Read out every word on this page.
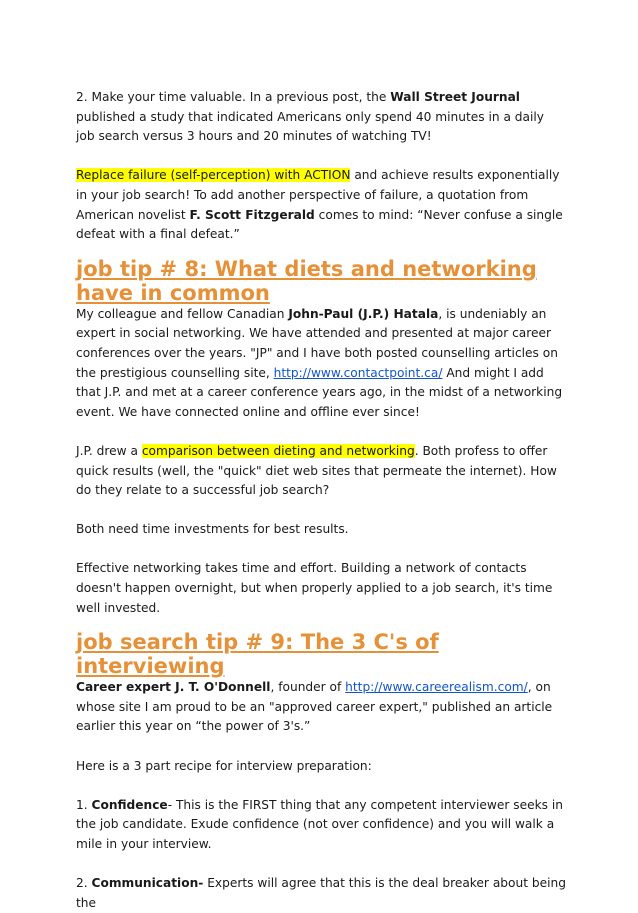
2. Make your time valuable. In a previous post, the Wall Street Journal published a study that indicated Americans only spend 40 minutes in a daily job search versus 3 hours and 20 minutes of watching TV!

Replace failure (self-perception) with ACTION and achieve results exponentially in your job search! To add another perspective of failure, a quotation from American novelist F. Scott Fitzgerald comes to mind: “Never confuse a single defeat with a final defeat.”

job tip # 8: What diets and networking have in common

My colleague and fellow Canadian John-Paul (J.P.) Hatala, is undeniably an expert in social networking. We have attended and presented at major career conferences over the years. "JP" and I have both posted counselling articles on the prestigious counselling site, http://www.contactpoint.ca/ And might I add that J.P. and met at a career conference years ago, in the midst of a networking event. We have connected online and offline ever since!

J.P. drew a comparison between dieting and networking. Both profess to offer quick results (well, the "quick" diet web sites that permeate the internet). How do they relate to a successful job search?

Both need time investments for best results.

Effective networking takes time and effort. Building a network of contacts doesn't happen overnight, but when properly applied to a job search, it's time well invested.

job search tip # 9: The 3 C's of interviewing

Career expert J. T. O'Donnell, founder of http://www.careerealism.com/, on whose site I am proud to be an "approved career expert," published an article earlier this year on “the power of 3's.”

Here is a 3 part recipe for interview preparation:

1. Confidence- This is the FIRST thing that any competent interviewer seeks in the job candidate. Exude confidence (not over confidence) and you will walk a mile in your interview.

2. Communication- Experts will agree that this is the deal breaker about being the
